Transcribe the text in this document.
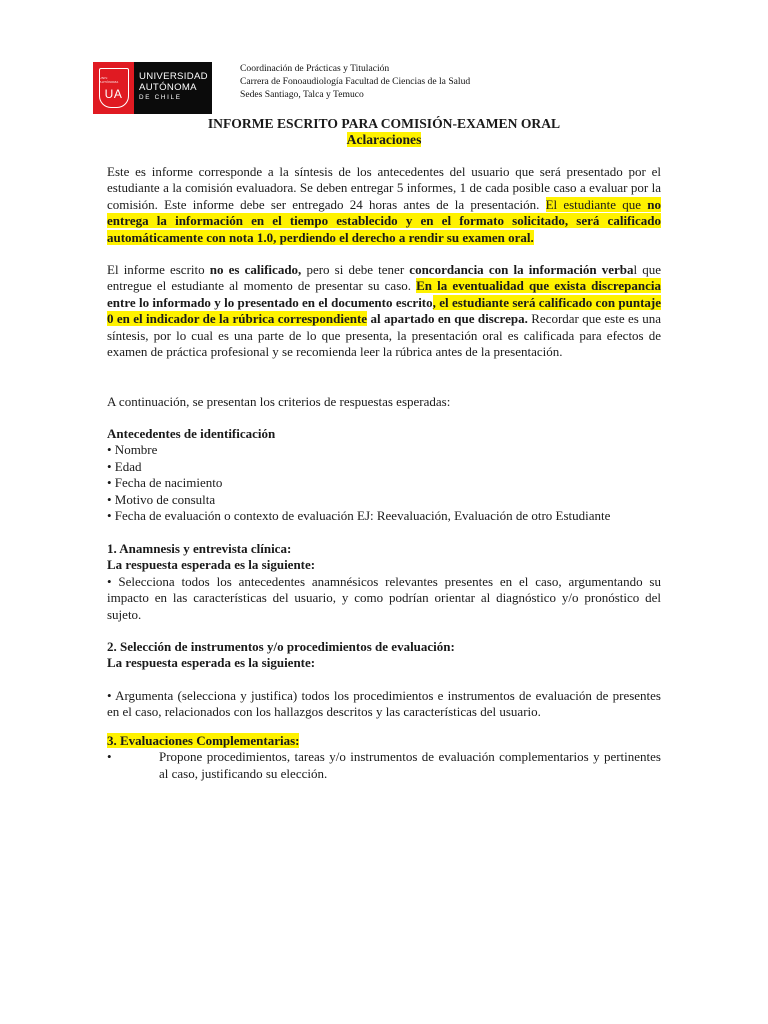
UNIV. AUTÓNOMA
UA
UNIVERSIDAD
AUTÓNOMA
DE CHILE
Coordinación de Prácticas y Titulación
Carrera de Fonoaudiología Facultad de Ciencias de la Salud
Sedes Santiago, Talca y Temuco
INFORME ESCRITO PARA COMISIÓN-EXAMEN ORAL
Aclaraciones

Este es informe corresponde a la síntesis de los antecedentes del usuario que será presentado por el estudiante a la comisión evaluadora. Se deben entregar 5 informes, 1 de cada posible caso a evaluar por la comisión. Este informe debe ser entregado 24 horas antes de la presentación. El estudiante que no entrega la información en el tiempo establecido y en el formato solicitado, será calificado automáticamente con nota 1.0, perdiendo el derecho a rendir su examen oral.

El informe escrito no es calificado, pero si debe tener concordancia con la información verbal que entregue el estudiante al momento de presentar su caso. En la eventualidad que exista discrepancia entre lo informado y lo presentado en el documento escrito, el estudiante será calificado con puntaje 0 en el indicador de la rúbrica correspondiente al apartado en que discrepa. Recordar que este es una síntesis, por lo cual es una parte de lo que presenta, la presentación oral es calificada para efectos de examen de práctica profesional y se recomienda leer la rúbrica antes de la presentación.

A continuación, se presentan los criterios de respuestas esperadas:
Antecedentes de identificación
• Nombre
• Edad
• Fecha de nacimiento
• Motivo de consulta
• Fecha de evaluación o contexto de evaluación EJ: Reevaluación, Evaluación de otro Estudiante
1. Anamnesis y entrevista clínica:
La respuesta esperada es la siguiente:

• Selecciona todos los antecedentes anamnésicos relevantes presentes en el caso, argumentando su impacto en las características del usuario, y como podrían orientar al diagnóstico y/o pronóstico del sujeto.

2. Selección de instrumentos y/o procedimientos de evaluación:
La respuesta esperada es la siguiente:

• Argumenta (selecciona y justifica) todos los procedimientos e instrumentos de evaluación de presentes en el caso, relacionados con los hallazgos descritos y las características del usuario.

3. Evaluaciones Complementarias:
•	Propone procedimientos, tareas y/o instrumentos de evaluación complementarios y pertinentes al caso, justificando su elección.
